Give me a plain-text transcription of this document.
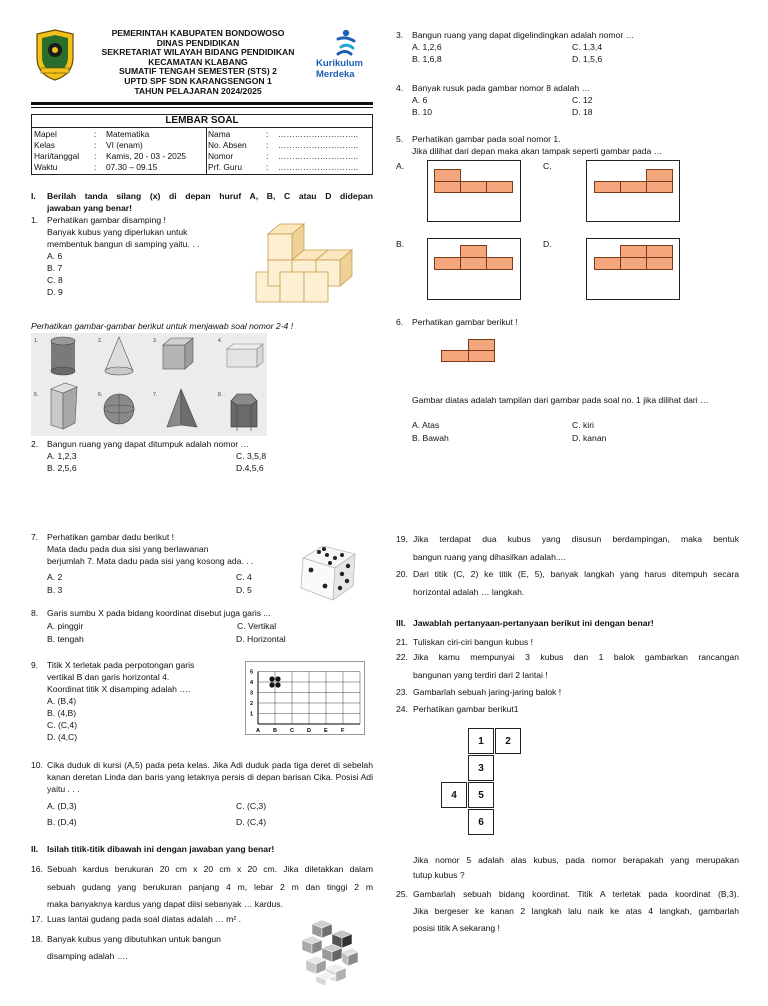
PEMERINTAH KABUPATEN BONDOWOSO
DINAS PENDIDIKAN
SEKRETARIAT WILAYAH BIDANG PENDIDIKAN
KECAMATAN KLABANG
SUMATIF TENGAH SEMESTER (STS) 2
UPTD SPF SDN KARANGSENGON 1
TAHUN PELAJARAN 2024/2025
Kurikulum
Merdeka
LEMBAR SOAL
Mapel	: Matematika	Nama	: ………………………..
Kelas	: VI (enam)	No. Absen : ………………………..
Hari/tanggal : Kamis, 20 - 03 - 2025	Nomor	: ………………………..
Waktu	: 07.30 – 09.15	Prf. Guru	: ………………………..
I. Berilah tanda silang (x) di depan huruf A, B, C atau D didepan
jawaban yang benar!
1. Perhatikan gambar disamping !
Banyak kubus yang diperlukan untuk
membentuk bangun di samping yaitu. . .
A. 6
B. 7
C. 8
D. 9
Perhatikan gambar-gambar berikut untuk menjawab soal nomor 2-4 !
1.	2.	3.	4.
5.	6.	7.	8.
2. Bangun ruang yang dapat ditumpuk adalah nomor …
A. 1,2,3	C. 3,5,8
B. 2,5,6	D.4,5,6
3. Bangun ruang yang dapat digelindingkan adalah nomor …
A. 1,2,6	C. 1,3,4
B. 1,6,8	D. 1,5,6
4. Banyak rusuk pada gambar nomor 8 adalah …
A. 6	C. 12
B. 10	D. 18
5. Perhatikan gambar pada soal nomor 1.
Jika dilihat dari depan maka akan tampak seperti gambar pada …
A.	C.
B.	D.
6. Perhatikan gambar berikut !
Gambar diatas adalah tampilan dari gambar pada soal no. 1 jika dilihat dari …
A. Atas	C. kiri
B. Bawah	D. kanan
7. Perhatikan gambar dadu berikut !
Mata dadu pada dua sisi yang berlawanan
berjumlah 7. Mata dadu pada sisi yang kosong ada. . .
A. 2	C. 4
B. 3	D. 5
8. Garis sumbu X pada bidang koordinat disebut juga garis ...
A. pinggir	C. Vertikal
B. tengah	D. Horizontal
9. Titik X terletak pada perpotongan garis
vertikal B dan garis horizontal 4.
Koordinat titik X disamping adalah ….
A. (B,4)
B. (4,B)
C. (C,4)
D. (4,C)
A B C D E F
5
4
3
2
1
10. Cika duduk di kursi (A,5) pada peta kelas. Jika Adi duduk pada tiga deret di sebelah kanan deretan Linda dan baris yang letaknya persis di depan barisan Cika. Posisi Adi yaitu . . .
A. (D,3)	C. (C,3)
B. (D,4)	D. (C,4)
II. Isilah titik-titik dibawah ini dengan jawaban yang benar!
16. Sebuah kardus berukuran 20 cm x 20 cm x 20 cm. Jika diletakkan dalam
sebuah gudang yang berukuran panjang 4 m, lebar 2 m dan tinggi 2 m
maka banyaknya kardus yang dapat diisi sebanyak … kardus.
17. Luas lantai gudang pada soal diatas adalah … m² .
18. Banyak kubus yang dibutuhkan untuk bangun
disamping adalah ….
19. Jika terdapat dua kubus yang disusun berdampingan, maka bentuk
bangun ruang yang dihasilkan adalah....
20. Dari titik (C, 2) ke titik (E, 5), banyak langkah yang harus ditempuh secara
horizontal adalah … langkah.
III. Jawablah pertanyaan-pertanyaan berikut ini dengan benar!
21. Tuliskan ciri-ciri bangun kubus !
22. Jika kamu mempunyai 3 kubus dan 1 balok gambarkan rancangan
bangunan yang terdiri dari 2 lantai !
23. Gambarlah sebuah jaring-jaring balok !
24. Perhatikan gambar berikut1
1	2
3
4	5
6
Jika nomor 5 adalah alas kubus, pada nomor berapakah yang merupakan
tutup kubus ?
25. Gambarlah sebuah bidang koordinat. Titik A terletak pada koordinat (B,3).
Jika bergeser ke kanan 2 langkah lalu naik ke atas 4 langkah, gambarlah
posisi titik A sekarang !
